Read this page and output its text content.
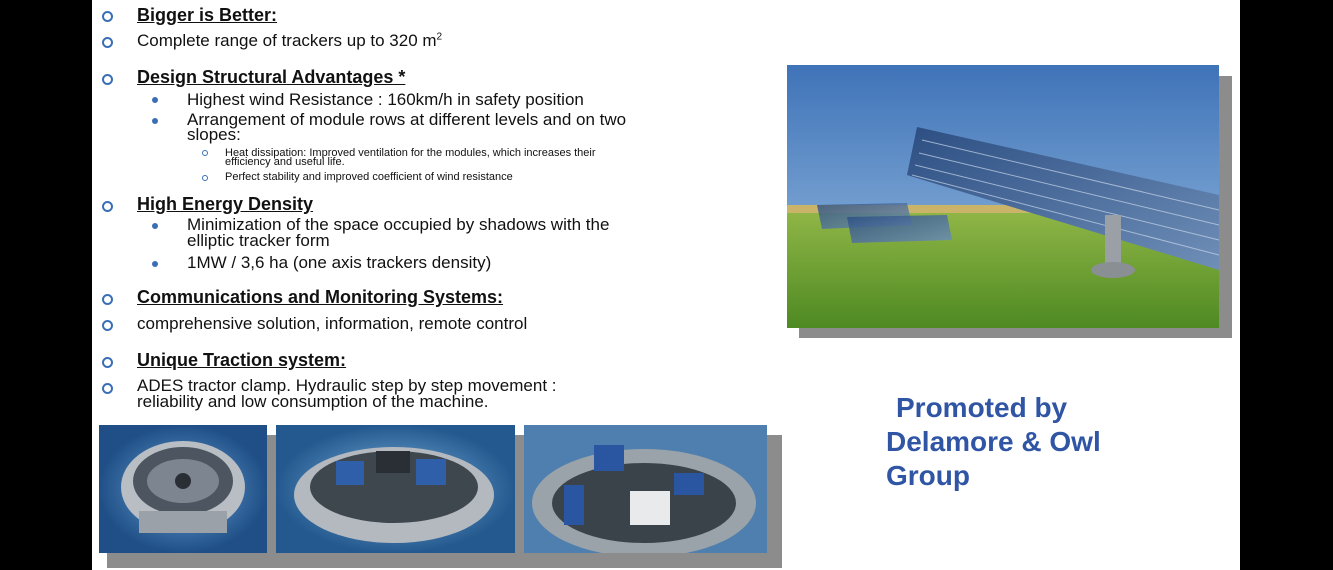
Bigger is Better:
Complete range of trackers up to 320 $m^2$
Design Structural Advantages *
Highest wind Resistance : 160km/h in safety position
Arrangement of module rows at different levels and on two
slopes:
Heat dissipation: Improved ventilation for the modules, which increases their
efficiency and useful life.
Perfect stability and improved coefficient of wind resistance
High Energy Density
Minimization of the space occupied by shadows with the
elliptic tracker form
1MW / 3,6 ha (one axis trackers density)
Communications and Monitoring Systems:
comprehensive solution, information, remote control
Unique Traction system:
ADES tractor clamp. Hydraulic step by step movement :
reliability and low consumption of the machine.	Promoted by
Delamore & Owl
Group
